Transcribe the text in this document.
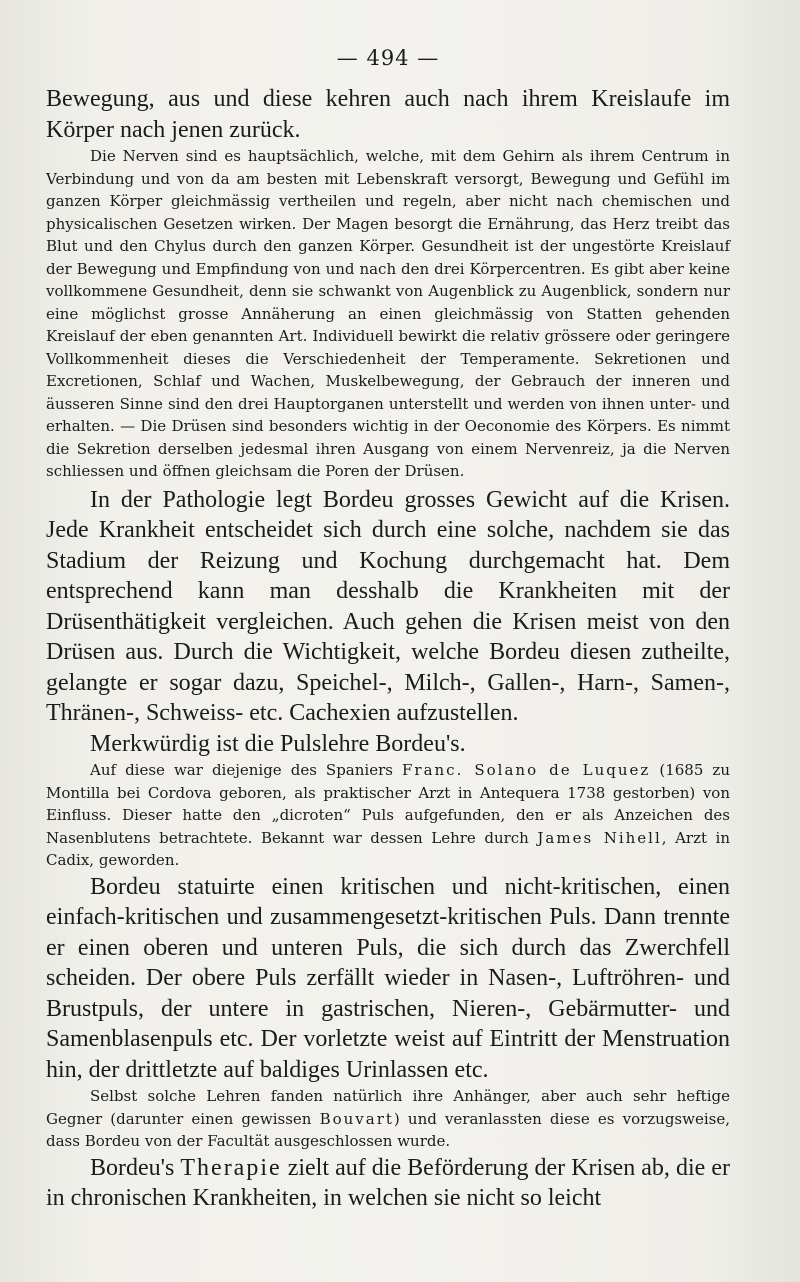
— 494 —

Bewegung, aus und diese kehren auch nach ihrem Kreislaufe im Körper nach jenen zurück.

Die Nerven sind es hauptsächlich, welche, mit dem Gehirn als ihrem Centrum in Verbindung und von da am besten mit Lebenskraft versorgt, Bewegung und Gefühl im ganzen Körper gleichmässig vertheilen und regeln, aber nicht nach chemischen und physicalischen Gesetzen wirken. Der Magen besorgt die Ernährung, das Herz treibt das Blut und den Chylus durch den ganzen Körper. Gesundheit ist der ungestörte Kreislauf der Bewegung und Empfindung von und nach den drei Körpercentren. Es gibt aber keine vollkommene Gesundheit, denn sie schwankt von Augenblick zu Augenblick, sondern nur eine möglichst grosse Annäherung an einen gleichmässig von Statten gehenden Kreislauf der eben genannten Art. Individuell bewirkt die relativ grössere oder geringere Vollkommenheit dieses die Verschiedenheit der Temperamente. Sekretionen und Excretionen, Schlaf und Wachen, Muskelbewegung, der Gebrauch der inneren und äusseren Sinne sind den drei Hauptorganen unterstellt und werden von ihnen unter- und erhalten. — Die Drüsen sind besonders wichtig in der Oeconomie des Körpers. Es nimmt die Sekretion derselben jedesmal ihren Ausgang von einem Nervenreiz, ja die Nerven schliessen und öffnen gleichsam die Poren der Drüsen.

In der Pathologie legt Bordeu grosses Gewicht auf die Krisen. Jede Krankheit entscheidet sich durch eine solche, nachdem sie das Stadium der Reizung und Kochung durchgemacht hat. Dem entsprechend kann man desshalb die Krankheiten mit der Drüsenthätigkeit vergleichen. Auch gehen die Krisen meist von den Drüsen aus. Durch die Wichtigkeit, welche Bordeu diesen zutheilte, gelangte er sogar dazu, Speichel-, Milch-, Gallen-, Harn-, Samen-, Thränen-, Schweiss- etc. Cachexien aufzustellen.

Merkwürdig ist die Pulslehre Bordeu's.

Auf diese war diejenige des Spaniers Franc. Solano de Luquez (1685 zu Montilla bei Cordova geboren, als praktischer Arzt in Antequera 1738 gestorben) von Einfluss. Dieser hatte den „dicroten“ Puls aufgefunden, den er als Anzeichen des Nasenblutens betrachtete. Bekannt war dessen Lehre durch James Nihell, Arzt in Cadix, geworden.

Bordeu statuirte einen kritischen und nicht-kritischen, einen einfach-kritischen und zusammengesetzt-kritischen Puls. Dann trennte er einen oberen und unteren Puls, die sich durch das Zwerchfell scheiden. Der obere Puls zerfällt wieder in Nasen-, Luftröhren- und Brustpuls, der untere in gastrischen, Nieren-, Gebärmutter- und Samenblasenpuls etc. Der vorletzte weist auf Eintritt der Menstruation hin, der drittletzte auf baldiges Urinlassen etc.

Selbst solche Lehren fanden natürlich ihre Anhänger, aber auch sehr heftige Gegner (darunter einen gewissen Bouvart) und veranlassten diese es vorzugsweise, dass Bordeu von der Facultät ausgeschlossen wurde.

Bordeu's Therapie zielt auf die Beförderung der Krisen ab, die er in chronischen Krankheiten, in welchen sie nicht so leicht
